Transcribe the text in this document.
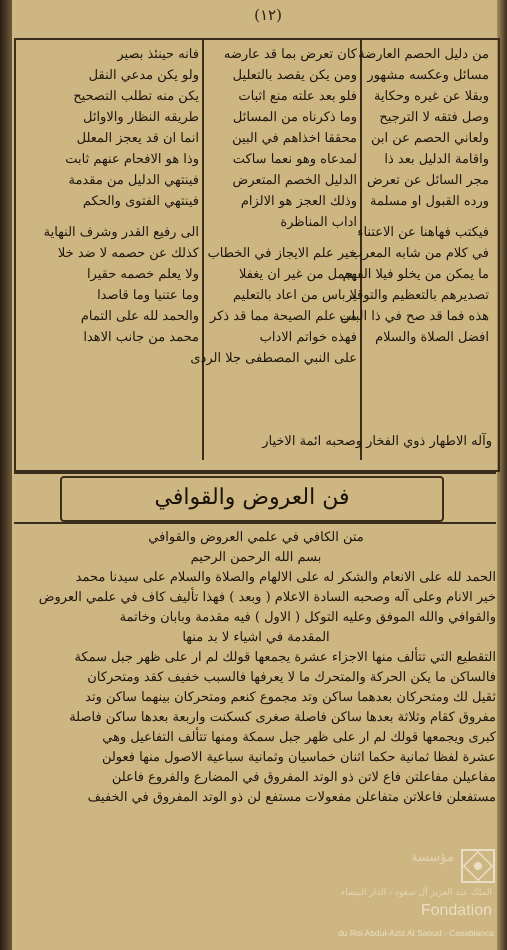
(١٢)
من دليل الحصم العارضة
مسائل وعكسه مشهور
وبقلا عن غيره وحكاية
وصل فتقه لا الترجيح
ولعاني الحصم عن ابن
واقامة الدليل بعد ذا
مجر السائل عن تعرض
ورده القبول او مسلمة
فيكتب فهاهنا عن الاعتناء
في كلام من شابه المعرب
ما يمكن من يخلو فيلا الفهم
تصديرهم بالتعظيم والتوقير
هذه فما قد صح في ذا الباب
افضل الصلاة والسلام
كان تعرض بما قد عارضه
ومن يكن يقصد بالتعليل
فلو بعد علته منع اثبات
وما ذكرناه من المسائل
محققا اخذاهم في البين
لمدعاه وهو نعما ساكت
الدليل الخصم المتعرض
وذلك العجز هو الالزام
اداب المناظرة
خير علم الايجاز في الخطاب
يجمل من غير ان يغفلا
لا باس من اعاد بالتعليم
من علم الصيحة مما قد ذكر
فهذه خواتم الاداب
على النبي المصطفى جلا الردى
فانه حينئذ بصير
ولو يكن مدعي النقل
يكن منه تطلب التصحيح
طريقه النظار والاوائل
انما ان قد يعجز المعلل
وذا هو الافحام عنهم ثابت
فينتهي الدليل من مقدمة
فينتهي الفتوى والحكم
الى رفيع القدر وشرف النهاية
كذلك عن حصمه لا ضد خلا
ولا يعلم خصمه حقيرا
وما عتنيا وما قاصدا
والحمد لله على التمام
محمد من جانب الاهدا
وآله الاطهار ذوي الفخار وصحبه ائمة الاخيار
فن العروض والقوافي
متن الكافي في علمي العروض والقوافي
بسم الله الرحمن الرحيم
الحمد لله على الانعام والشكر له على الالهام والصلاة والسلام على سيدنا محمد
خير الانام وعلى آله وصحبه السادة الاعلام ( وبعد ) فهذا تأليف كاف في علمي العروض
والقوافي والله الموفق وعليه التوكل ( الاول ) فيه مقدمة وبابان وخاتمة
المقدمة في اشياء لا بد منها
التقطيع التي تتألف منها الاجزاء عشرة يجمعها قولك لم ار على ظهر جبل سمكة
فالساكن ما يكن الحركة والمتحرك ما لا يعرفها فالسبب خفيف كقد ومتحركان
ثقيل لك ومتحركان بعدهما ساكن وتد مجموع كنعم ومتحركان بينهما ساكن وتد
مفروق كقام وثلاثة بعدها ساكن فاصلة صغرى كسكنت واربعة بعدها ساكن فاصلة
كبرى ويجمعها قولك لم ار على ظهر جبل سمكة ومنها تتألف التفاعيل وهي
عشرة لفظا ثمانية حكما اثنان خماسيان وثمانية سباعية الاصول منها فعولن
مفاعيلن مفاعلتن فاع لاتن ذو الوتد المفروق في المضارع والفروع فاعلن
مستفعلن فاعلاتن متفاعلن مفعولات مستفع لن ذو الوتد المفروق في الخفيف
مؤسسة
الملك عبد العزيز آل سعود - الدار البيضاء
Fondation
du Roi Abdul-Aziz Al Saoud - Casablanca
